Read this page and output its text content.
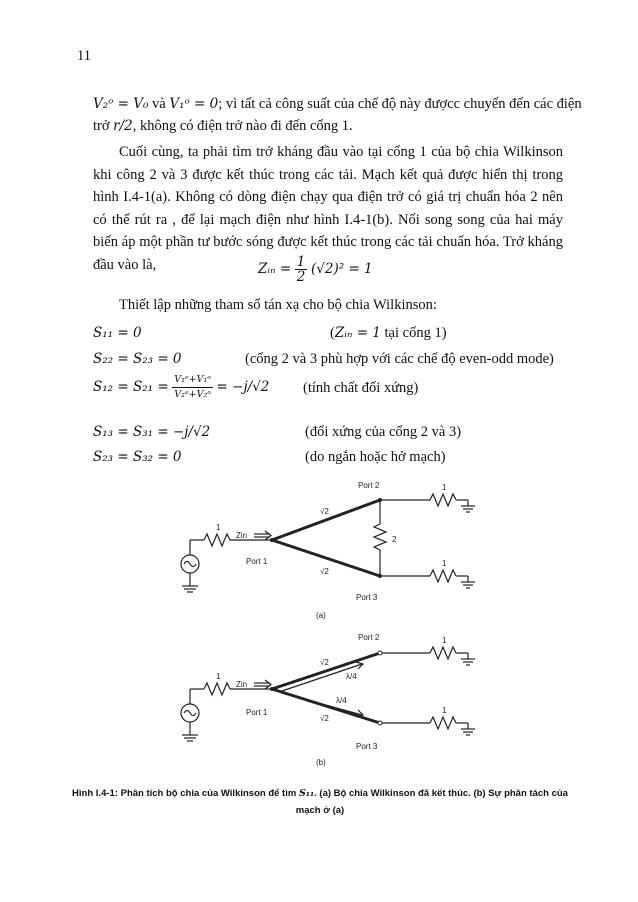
11
V₂ᵒ = V₀ và V₁ᵒ = 0; vì tất cả công suất của chế độ này đượcc chuyển đến các điện
trở r/2, không có điện trở nào đi đến cổng 1.
Cuối cùng, ta phải tìm trở kháng đầu vào tại cổng 1 của bộ chia Wilkinson khi công 2 và 3 được kết thúc trong các tải. Mạch kết quả được hiển thị trong hình I.4-1(a). Không có dòng điện chạy qua điện trở có giá trị chuẩn hóa 2 nên có thể rút ra , để lại mạch điện như hình I.4-1(b). Nối song song của hai máy biến áp một phần tư bước sóng được kết thúc trong các tải chuẩn hóa. Trở kháng đầu vào là,	Zᵢₙ = $\frac{1}{2} (√2)^2 = 1$
Thiết lập những tham số tán xạ cho bộ chia Wilkinson:
S₁₁ = 0	(Zᵢₙ = 1 tại cổng 1)
S₂₂ = S₂₃ = 0	(cổng 2 và 3 phù hợp với các chế độ even-odd mode)
$S_{12} = S_{21} = \frac{\text{V₁ᵉ+V₁ᵒ}}{\text{V₂ᵉ+V₂ᵒ}} = -j/√2$ (tính chất đối xứng)
S₁₃ = S₃₁ = −j/√2	(đối xứng của cổng 2 và 3)
S₂₃ = S₃₂ = 0	(do ngắn hoặc hở mạch)
1
Zin
Port 1
Port 2
Port 3
√2
√2
2
1
1
(a)
1
Zin
Port 1
Port 2
Port 3
√2
√2
λ/4
λ/4
1
1
(b)
Hình I.4-1: Phân tích bộ chia của Wilkinson để tìm S₁₁. (a) Bộ chia Wilkinson đã kết thúc. (b) Sự phân tách của mạch ở (a)
